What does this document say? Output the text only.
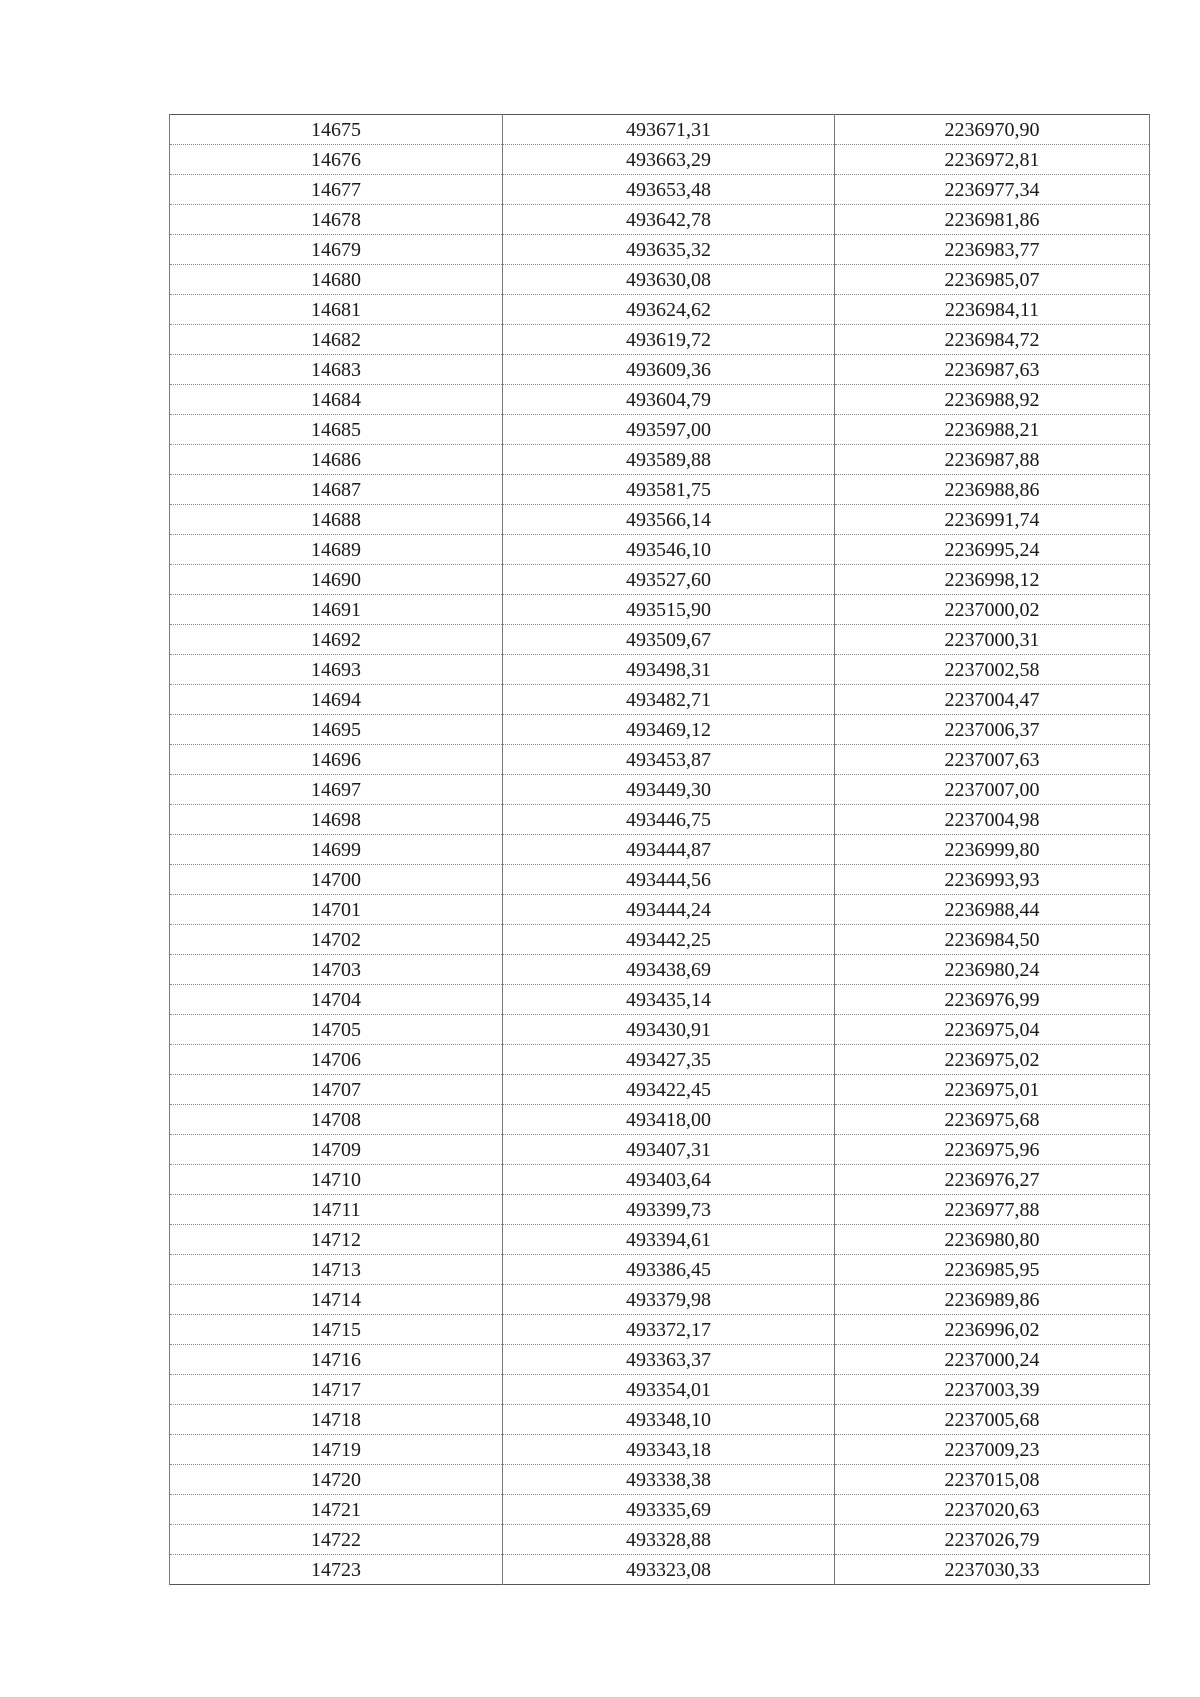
14675	493671,31	2236970,90
14676	493663,29	2236972,81
14677	493653,48	2236977,34
14678	493642,78	2236981,86
14679	493635,32	2236983,77
14680	493630,08	2236985,07
14681	493624,62	2236984,11
14682	493619,72	2236984,72
14683	493609,36	2236987,63
14684	493604,79	2236988,92
14685	493597,00	2236988,21
14686	493589,88	2236987,88
14687	493581,75	2236988,86
14688	493566,14	2236991,74
14689	493546,10	2236995,24
14690	493527,60	2236998,12
14691	493515,90	2237000,02
14692	493509,67	2237000,31
14693	493498,31	2237002,58
14694	493482,71	2237004,47
14695	493469,12	2237006,37
14696	493453,87	2237007,63
14697	493449,30	2237007,00
14698	493446,75	2237004,98
14699	493444,87	2236999,80
14700	493444,56	2236993,93
14701	493444,24	2236988,44
14702	493442,25	2236984,50
14703	493438,69	2236980,24
14704	493435,14	2236976,99
14705	493430,91	2236975,04
14706	493427,35	2236975,02
14707	493422,45	2236975,01
14708	493418,00	2236975,68
14709	493407,31	2236975,96
14710	493403,64	2236976,27
14711	493399,73	2236977,88
14712	493394,61	2236980,80
14713	493386,45	2236985,95
14714	493379,98	2236989,86
14715	493372,17	2236996,02
14716	493363,37	2237000,24
14717	493354,01	2237003,39
14718	493348,10	2237005,68
14719	493343,18	2237009,23
14720	493338,38	2237015,08
14721	493335,69	2237020,63
14722	493328,88	2237026,79
14723	493323,08	2237030,33
